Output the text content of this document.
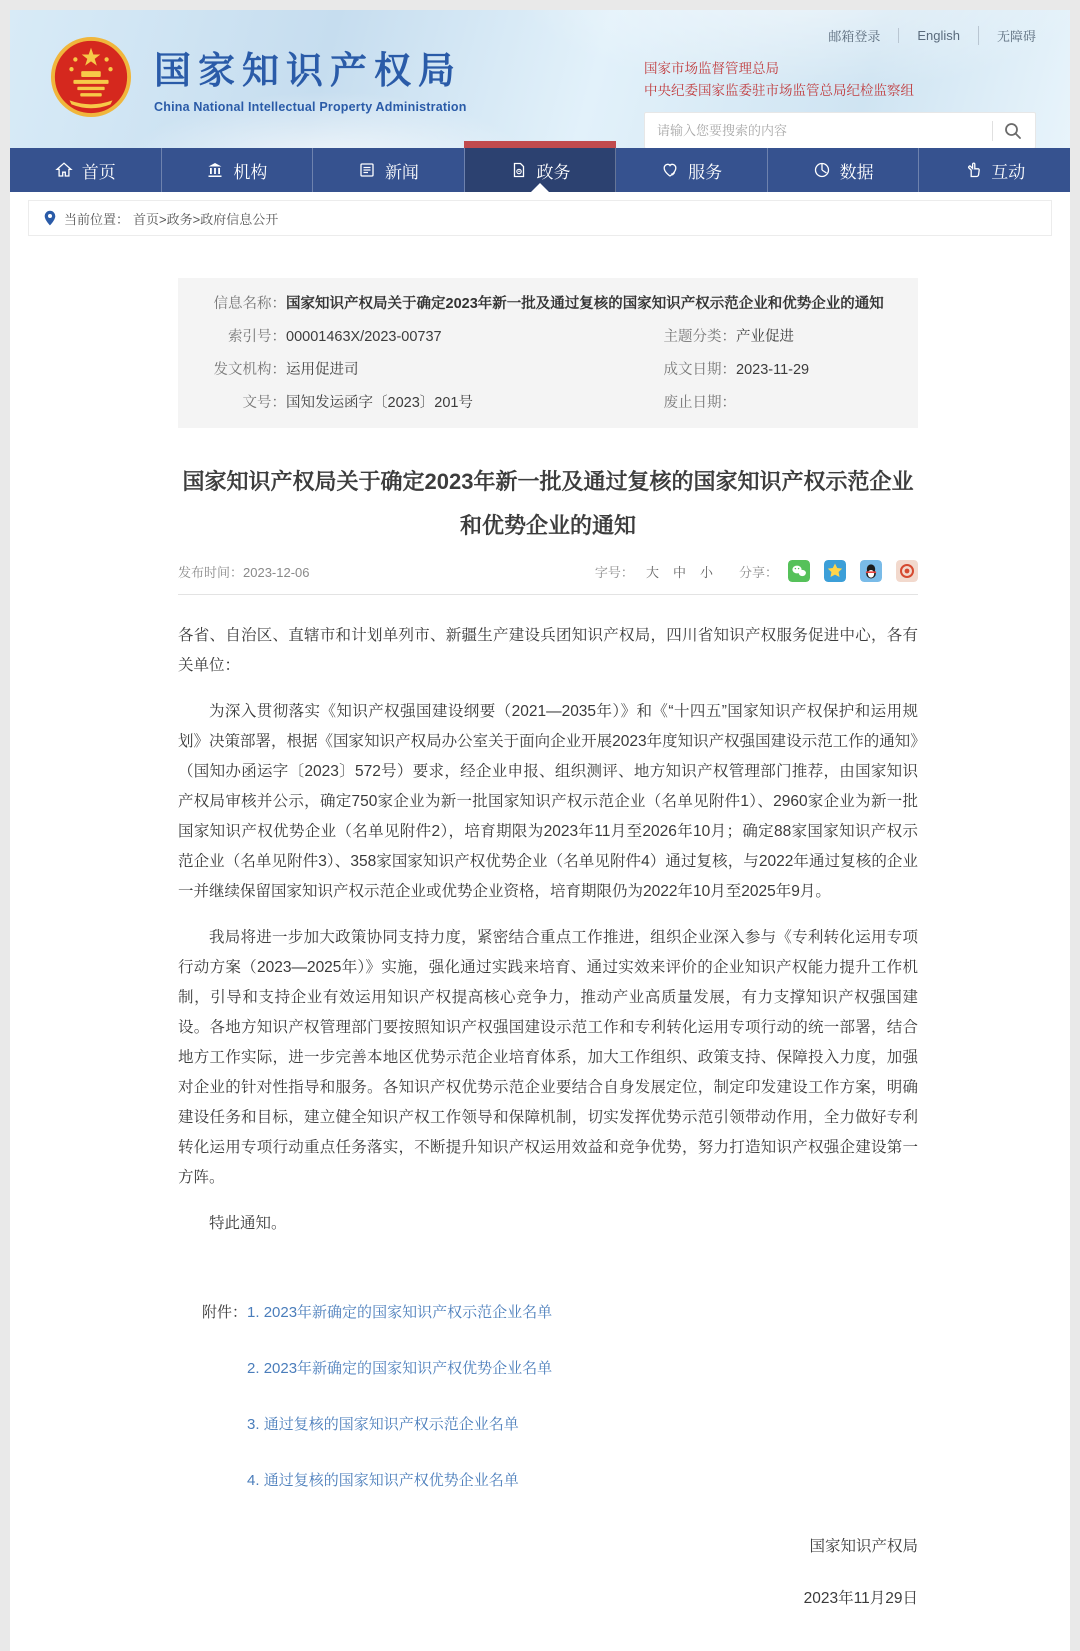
国家知识产权局
China National Intellectual Property Administration
邮箱登录	English	无障碍
国家市场监督管理总局
中央纪委国家监委驻市场监管总局纪检监察组
请输入您要搜索的内容
首页	机构	新闻	政务	服务	数据	互动
当前位置： 首页>政务>政府信息公开
信息名称： 国家知识产权局关于确定2023年新一批及通过复核的国家知识产权示范企业和优势企业的通知
索引号： 00001463X/2023-00737	主题分类： 产业促进
发文机构： 运用促进司	成文日期： 2023-11-29
文号： 国知发运函字〔2023〕201号	废止日期：
国家知识产权局关于确定2023年新一批及通过复核的国家知识产权示范企业
和优势企业的通知
发布时间：2023-12-06	字号： 大 中 小 分享：

各省、自治区、直辖市和计划单列市、新疆生产建设兵团知识产权局，四川省知识产权服务促进中心，各有关单位：

为深入贯彻落实《知识产权强国建设纲要（2021—2035年）》和《“十四五”国家知识产权保护和运用规划》决策部署，根据《国家知识产权局办公室关于面向企业开展2023年度知识产权强国建设示范工作的通知》（国知办函运字〔2023〕572号）要求，经企业申报、组织测评、地方知识产权管理部门推荐，由国家知识产权局审核并公示，确定750家企业为新一批国家知识产权示范企业（名单见附件1）、2960家企业为新一批国家知识产权优势企业（名单见附件2），培育期限为2023年11月至2026年10月；确定88家国家知识产权示范企业（名单见附件3）、358家国家知识产权优势企业（名单见附件4）通过复核，与2022年通过复核的企业一并继续保留国家知识产权示范企业或优势企业资格，培育期限仍为2022年10月至2025年9月。

我局将进一步加大政策协同支持力度，紧密结合重点工作推进，组织企业深入参与《专利转化运用专项行动方案（2023—2025年）》实施，强化通过实践来培育、通过实效来评价的企业知识产权能力提升工作机制，引导和支持企业有效运用知识产权提高核心竞争力，推动产业高质量发展，有力支撑知识产权强国建设。各地方知识产权管理部门要按照知识产权强国建设示范工作和专利转化运用专项行动的统一部署，结合地方工作实际，进一步完善本地区优势示范企业培育体系，加大工作组织、政策支持、保障投入力度，加强对企业的针对性指导和服务。各知识产权优势示范企业要结合自身发展定位，制定印发建设工作方案，明确建设任务和目标，建立健全知识产权工作领导和保障机制，切实发挥优势示范引领带动作用，全力做好专利转化运用专项行动重点任务落实，不断提升知识产权运用效益和竞争优势，努力打造知识产权强企建设第一方阵。

特此通知。

附件： 1. 2023年新确定的国家知识产权示范企业名单
2. 2023年新确定的国家知识产权优势企业名单
3. 通过复核的国家知识产权示范企业名单
4. 通过复核的国家知识产权优势企业名单
国家知识产权局
2023年11月29日
